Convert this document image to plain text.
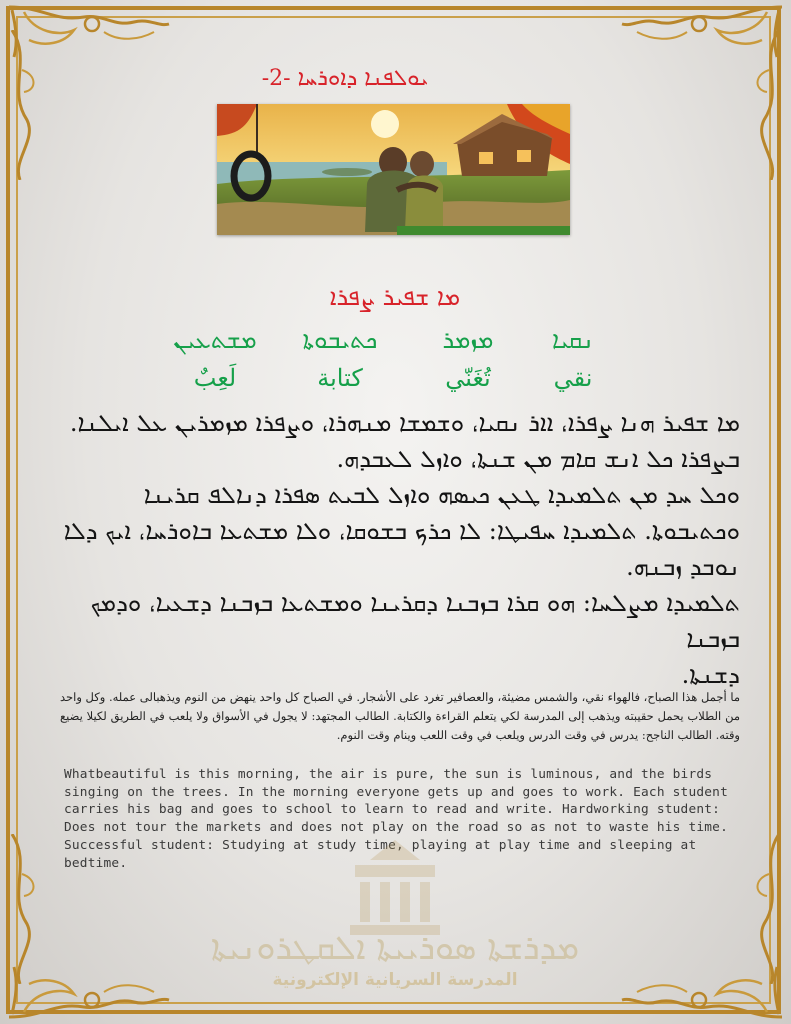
ܝܘܠܦܢܐ ܕܐܘܪܚܐ -2-
ܡܐ ܫܦܝܪ ܨܦܪܐ
ܢܩܝܐ
ܡܙܡܪ
ܟܬܝܒܘܬܐ
ܡܫܬܥܝܢ
نقي
تُغَنّي
كتابة
لَعِبٌ

ܡܐ ܫܦܝܪ ܗܢܐ ܨܦܪܐ، ܐܐܪ ܢܩܝܐ، ܘܫܡܫܐ ܡܢܗܪܐ، ܘܨܦܪܐ ܡܙܡܪܝܢ ܥܠ ܐܝܠܢܐ.

ܒܨܦܪܐ ܟܠ ܐܢܫ ܩܐܡ ܡܢ ܫܢܬܐ، ܘܐܙܠ ܠܥܒܕܗ.

ܘܟܠ ܚܕ ܡܢ ܬܠܡܝܕܐ ܛܥܢ ܟܝܣܗ ܘܐܙܠ ܠܒܝܬ ܣܦܪܐ ܕܢܐܠܦ ܩܪܝܢܐ

ܘܟܬܝܒܘܬܐ. ܬܠܡܝܕܐ ܚܦܝܛܐ: ܠܐ ܟܪܟ ܒܫܘܩܐ، ܘܠܐ ܡܫܬܥܐ ܒܐܘܪܚܐ، ܐܝܟ ܕܠܐ

ܢܘܒܕ ܙܒܢܗ.

ܬܠܡܝܕܐ ܡܨܠܚܐ: ܗܘ ܩܪܐ ܒܙܒܢܐ ܕܩܪܝܢܐ ܘܡܫܬܥܐ ܒܙܒܢܐ ܕܫܥܝܐ، ܘܕܡܟ ܒܙܒܢܐ

ܕܫܢܬܐ.

ما أجمل هذا الصباح، فالهواء نقي، والشمس مضيئة، والعصافير تغرد على الأشجار. في الصباح كل واحد ينهض من النوم ويذهبالى عمله. وكل واحد من الطلاب يحمل حقيبته ويذهب إلى المدرسة لكي يتعلم القراءة والكتابة. الطالب المجتهد: لا يجول في الأسواق ولا يلعب في الطريق لكيلا يضيع وقته. الطالب الناجح: يدرس في وقت الدرس ويلعب في وقت اللعب وينام وقت النوم.
Whatbeautiful is this morning, the air is pure, the sun is luminous, and the birds singing on the trees. In the morning everyone gets up and goes to work. Each student carries his bag and goes to school to learn to read and write. Hardworking student: Does not tour the markets and does not play on the road so as not to waste his time. Successful student: Studying at study time, playing at play time and sleeping at bedtime.
ܡܕܪܫܬܐ ܣܘܪܝܝܬܐ ܐܠܩܛܪܘܢܝܬܐ
المدرسة السريانية الإلكترونية
